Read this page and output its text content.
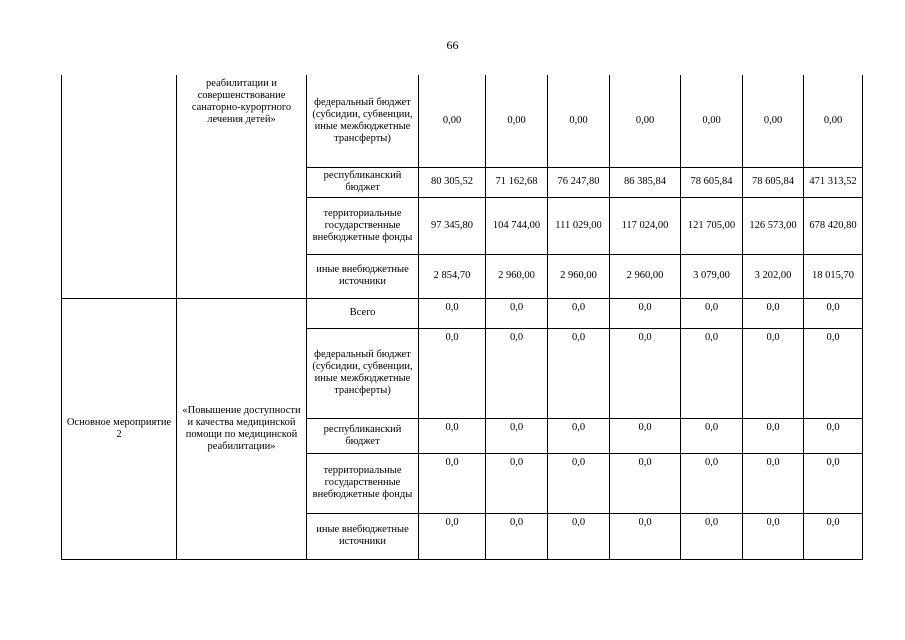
66
	реабилитации и совершенствование санаторно-курортного лечения детей»	федеральный бюджет (субсидии, субвенции, иные межбюджетные трансферты)	0,00	0,00	0,00	0,00	0,00	0,00	0,00
		республиканский бюджет	80 305,52	71 162,68	76 247,80	86 385,84	78 605,84	78 605,84	471 313,52
		территориальные государственные внебюджетные фонды	97 345,80	104 744,00	111 029,00	117 024,00	121 705,00	126 573,00	678 420,80
		иные внебюджетные источники	2 854,70	2 960,00	2 960,00	2 960,00	3 079,00	3 202,00	18 015,70
Основное мероприятие 2	«Повышение доступности и качества медицинской помощи по медицинской реабилитации»	Всего	0,0	0,0	0,0	0,0	0,0	0,0	0,0
		федеральный бюджет (субсидии, субвенции, иные межбюджетные трансферты)	0,0	0,0	0,0	0,0	0,0	0,0	0,0
		республиканский бюджет	0,0	0,0	0,0	0,0	0,0	0,0	0,0
		территориальные государственные внебюджетные фонды	0,0	0,0	0,0	0,0	0,0	0,0	0,0
		иные внебюджетные источники	0,0	0,0	0,0	0,0	0,0	0,0	0,0
